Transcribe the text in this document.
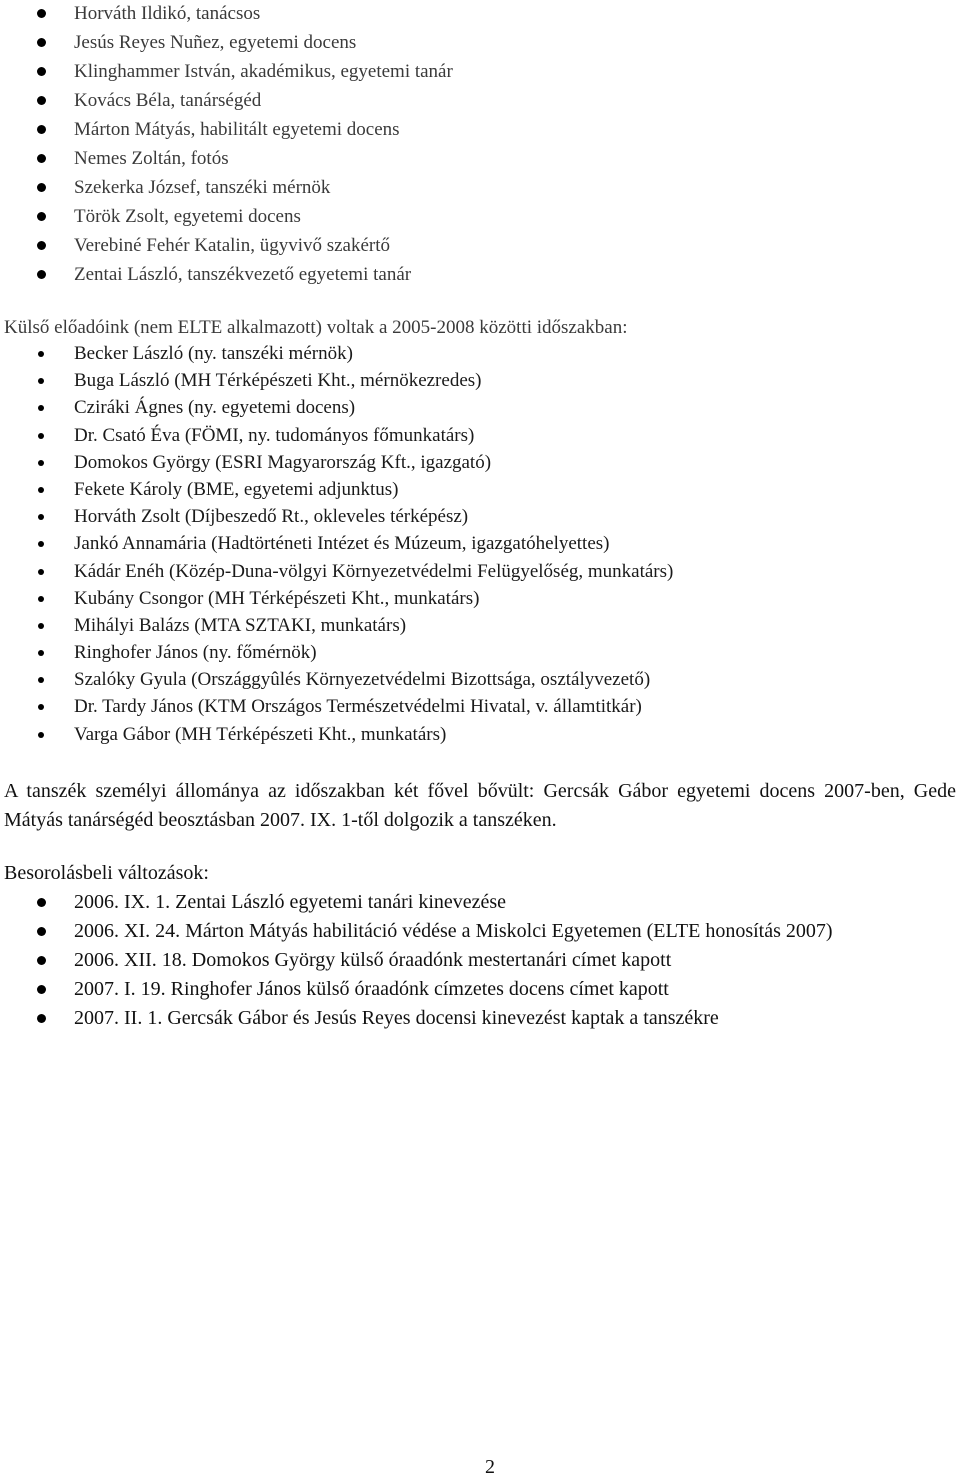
Horváth Ildikó, tanácsos
Jesús Reyes Nuñez, egyetemi docens
Klinghammer István, akadémikus, egyetemi tanár
Kovács Béla, tanárségéd
Márton Mátyás, habilitált egyetemi docens
Nemes Zoltán, fotós
Szekerka József, tanszéki mérnök
Török Zsolt, egyetemi docens
Verebiné Fehér Katalin, ügyvivő szakértő
Zentai László, tanszékvezető egyetemi tanár

Külső előadóink (nem ELTE alkalmazott) voltak a 2005-2008 közötti időszakban:

Becker László (ny. tanszéki mérnök)
Buga László (MH Térképészeti Kht., mérnökezredes)
Cziráki Ágnes (ny. egyetemi docens)
Dr. Csató Éva (FÖMI, ny. tudományos főmunkatárs)
Domokos György (ESRI Magyarország Kft., igazgató)
Fekete Károly (BME, egyetemi adjunktus)
Horváth Zsolt (Díjbeszedő Rt., okleveles térképész)
Jankó Annamária (Hadtörténeti Intézet és Múzeum, igazgatóhelyettes)
Kádár Enéh (Közép-Duna-völgyi Környezetvédelmi Felügyelőség, munkatárs)
Kubány Csongor (MH Térképészeti Kht., munkatárs)
Mihályi Balázs (MTA SZTAKI, munkatárs)
Ringhofer János (ny. főmérnök)
Szalóky Gyula (Országgyûlés Környezetvédelmi Bizottsága, osztályvezető)
Dr. Tardy János (KTM Országos Természetvédelmi Hivatal, v. államtitkár)
Varga Gábor (MH Térképészeti Kht., munkatárs)

A tanszék személyi állománya az időszakban két fővel bővült: Gercsák Gábor egyetemi docens 2007-ben, Gede Mátyás tanárségéd beosztásban 2007. IX. 1-től dolgozik a tanszéken.

Besorolásbeli változások:

2006. IX. 1. Zentai László egyetemi tanári kinevezése
2006. XI. 24. Márton Mátyás habilitáció védése a Miskolci Egyetemen (ELTE honosítás 2007)
2006. XII. 18. Domokos György külső óraadónk mestertanári címet kapott
2007. I. 19. Ringhofer János külső óraadónk címzetes docens címet kapott
2007. II. 1. Gercsák Gábor és Jesús Reyes docensi kinevezést kaptak a tanszékre
2
